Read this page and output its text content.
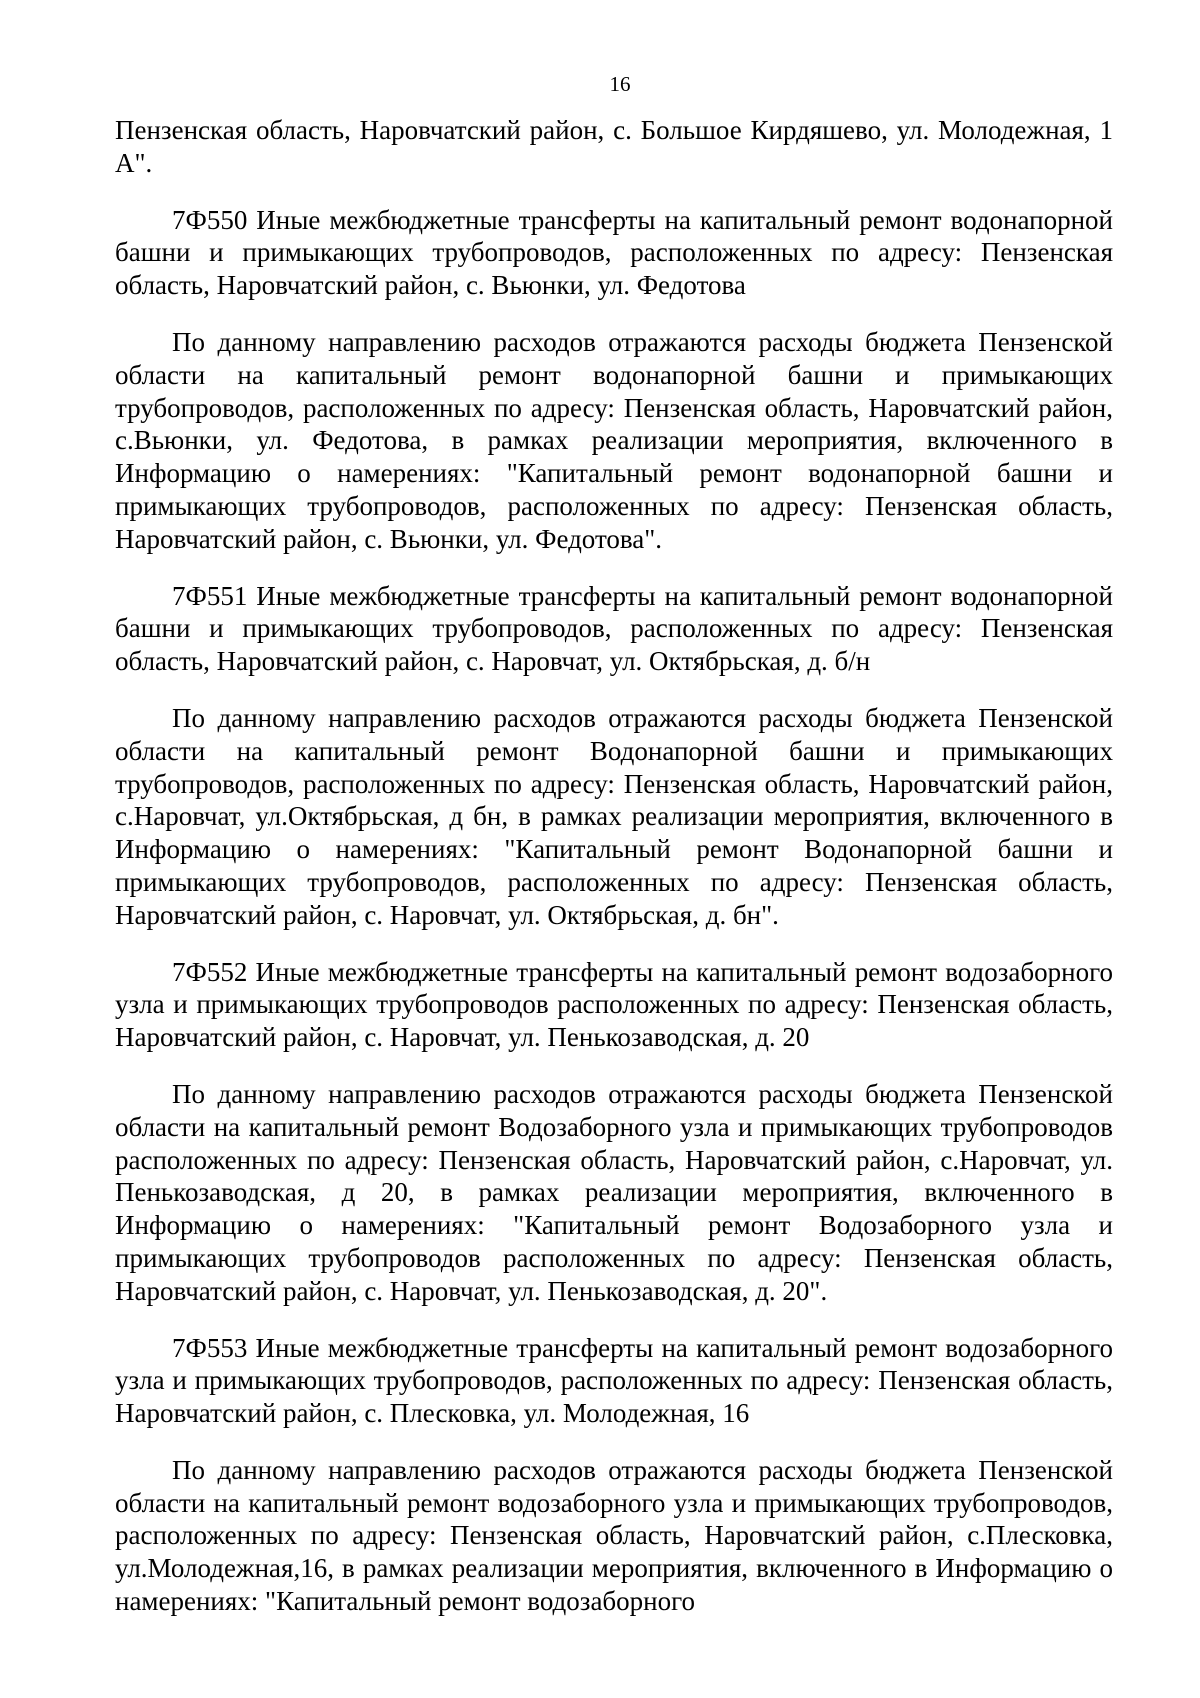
16

Пензенская область, Наровчатский район, с. Большое Кирдяшево, ул. Молодежная, 1 А".

7Ф550 Иные межбюджетные трансферты на капитальный ремонт водонапорной башни и примыкающих трубопроводов, расположенных по адресу: Пензенская область, Наровчатский район, с. Вьюнки, ул. Федотова

По данному направлению расходов отражаются расходы бюджета Пензенской области на капитальный ремонт водонапорной башни и примыкающих трубопроводов, расположенных по адресу: Пензенская область, Наровчатский район, с.Вьюнки, ул. Федотова, в рамках реализации мероприятия, включенного в Информацию о намерениях: "Капитальный ремонт водонапорной башни и примыкающих трубопроводов, расположенных по адресу: Пензенская область, Наровчатский район, с. Вьюнки, ул. Федотова".

7Ф551 Иные межбюджетные трансферты на капитальный ремонт водонапорной башни и примыкающих трубопроводов, расположенных по адресу: Пензенская область, Наровчатский район, с. Наровчат, ул. Октябрьская, д. б/н

По данному направлению расходов отражаются расходы бюджета Пензенской области на капитальный ремонт Водонапорной башни и примыкающих трубопроводов, расположенных по адресу: Пензенская область, Наровчатский район, с.Наровчат, ул.Октябрьская, д бн, в рамках реализации мероприятия, включенного в Информацию о намерениях: "Капитальный ремонт Водонапорной башни и примыкающих трубопроводов, расположенных по адресу: Пензенская область, Наровчатский район, с. Наровчат, ул. Октябрьская, д. бн".

7Ф552 Иные межбюджетные трансферты на капитальный ремонт водозаборного узла и примыкающих трубопроводов расположенных по адресу: Пензенская область, Наровчатский район, с. Наровчат, ул. Пенькозаводская, д. 20

По данному направлению расходов отражаются расходы бюджета Пензенской области на капитальный ремонт Водозаборного узла и примыкающих трубопроводов расположенных по адресу: Пензенская область, Наровчатский район, с.Наровчат, ул. Пенькозаводская, д 20, в рамках реализации мероприятия, включенного в Информацию о намерениях: "Капитальный ремонт Водозаборного узла и примыкающих трубопроводов расположенных по адресу: Пензенская область, Наровчатский район, с. Наровчат, ул. Пенькозаводская, д. 20".

7Ф553 Иные межбюджетные трансферты на капитальный ремонт водозаборного узла и примыкающих трубопроводов, расположенных по адресу: Пензенская область, Наровчатский район, с. Плесковка, ул. Молодежная, 16

По данному направлению расходов отражаются расходы бюджета Пензенской области на капитальный ремонт водозаборного узла и примыкающих трубопроводов, расположенных по адресу: Пензенская область, Наровчатский район, с.Плесковка, ул.Молодежная,16, в рамках реализации мероприятия, включенного в Информацию о намерениях: "Капитальный ремонт водозаборного
